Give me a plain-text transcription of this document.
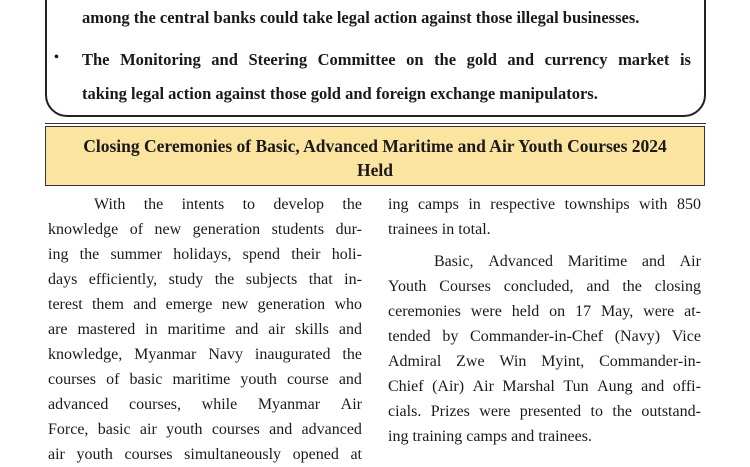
among the central banks could take legal action against those illegal businesses.
• The Monitoring and Steering Committee on the gold and currency market is
taking legal action against those gold and foreign exchange manipulators.
Closing Ceremonies of Basic, Advanced Maritime and Air Youth Courses 2024
Held
With the intents to develop the
knowledge of new generation students dur-
ing the summer holidays, spend their holi-
days efficiently, study the subjects that in-
terest them and emerge new generation who
are mastered in maritime and air skills and
knowledge, Myanmar Navy inaugurated the
courses of basic maritime youth course and
advanced courses, while Myanmar Air
Force, basic air youth courses and advanced
air youth courses simultaneously opened at
ing camps in respective townships with 850
trainees in total.
Basic, Advanced Maritime and Air
Youth Courses concluded, and the closing
ceremonies were held on 17 May, were at-
tended by Commander-in-Chef (Navy) Vice
Admiral Zwe Win Myint, Commander-in-
Chief (Air) Air Marshal Tun Aung and offi-
cials. Prizes were presented to the outstand-
ing training camps and trainees.
